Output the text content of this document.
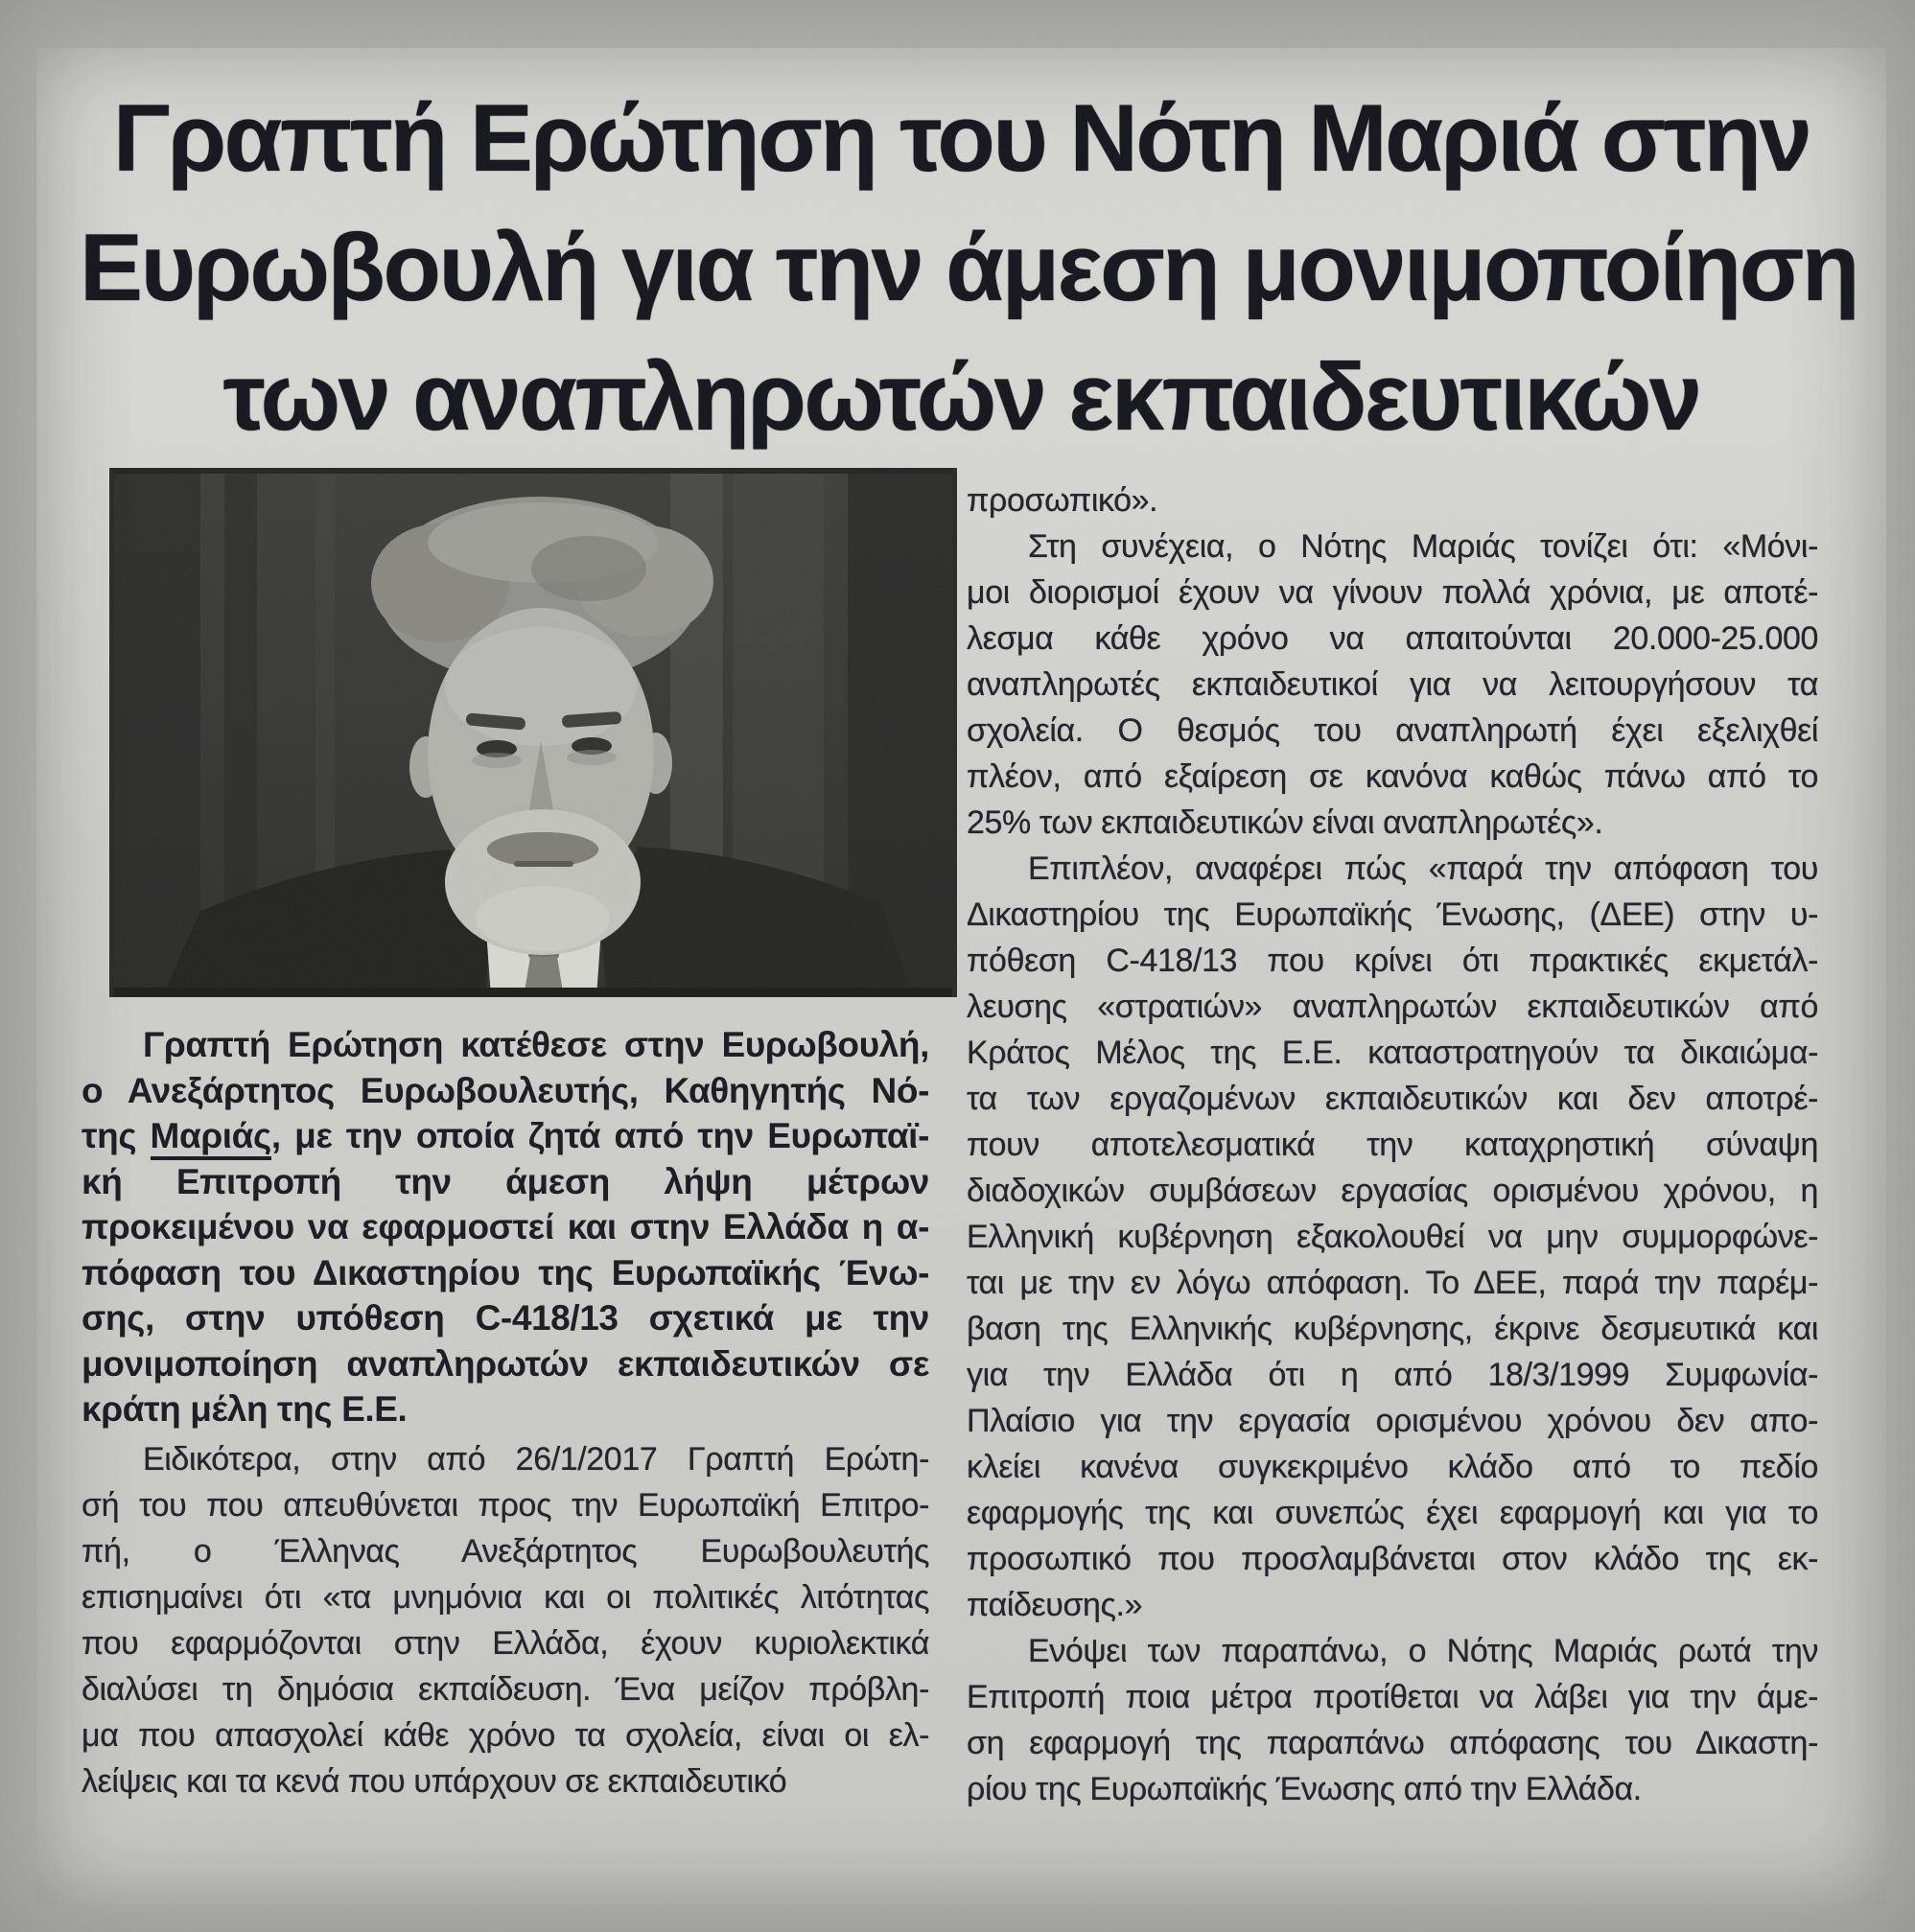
Γραπτή Ερώτηση του Νότη Μαριά στην
Ευρωβουλή για την άμεση μονιμοποίηση
των αναπληρωτών εκπαιδευτικών
Γραπτή Ερώτηση κατέθεσε στην Ευρωβουλή,
ο Ανεξάρτητος Ευρωβουλευτής, Καθηγητής Νό-
της Μαριάς, με την οποία ζητά από την Ευρωπαϊ-
κή Επιτροπή την άμεση λήψη μέτρων
προκειμένου να εφαρμοστεί και στην Ελλάδα η α-
πόφαση του Δικαστηρίου της Ευρωπαϊκής Ένω-
σης, στην υπόθεση C-418/13 σχετικά με την
μονιμοποίηση αναπληρωτών εκπαιδευτικών σε
κράτη μέλη της Ε.Ε.
Ειδικότερα, στην από 26/1/2017 Γραπτή Ερώτη-
σή του που απευθύνεται προς την Ευρωπαϊκή Επιτρο-
πή, ο Έλληνας Ανεξάρτητος Ευρωβουλευτής
επισημαίνει ότι «τα μνημόνια και οι πολιτικές λιτότητας
που εφαρμόζονται στην Ελλάδα, έχουν κυριολεκτικά
διαλύσει τη δημόσια εκπαίδευση. Ένα μείζον πρόβλη-
μα που απασχολεί κάθε χρόνο τα σχολεία, είναι οι ελ-
λείψεις και τα κενά που υπάρχουν σε εκπαιδευτικό
προσωπικό».
Στη συνέχεια, ο Νότης Μαριάς τονίζει ότι: «Μόνι-
μοι διορισμοί έχουν να γίνουν πολλά χρόνια, με αποτέ-
λεσμα κάθε χρόνο να απαιτούνται 20.000-25.000
αναπληρωτές εκπαιδευτικοί για να λειτουργήσουν τα
σχολεία. Ο θεσμός του αναπληρωτή έχει εξελιχθεί
πλέον, από εξαίρεση σε κανόνα καθώς πάνω από το
25% των εκπαιδευτικών είναι αναπληρωτές».
Επιπλέον, αναφέρει πώς «παρά την απόφαση του
Δικαστηρίου της Ευρωπαϊκής Ένωσης, (ΔΕΕ) στην υ-
πόθεση C-418/13 που κρίνει ότι πρακτικές εκμετάλ-
λευσης «στρατιών» αναπληρωτών εκπαιδευτικών από
Κράτος Μέλος της Ε.Ε. καταστρατηγούν τα δικαιώμα-
τα των εργαζομένων εκπαιδευτικών και δεν αποτρέ-
πουν αποτελεσματικά την καταχρηστική σύναψη
διαδοχικών συμβάσεων εργασίας ορισμένου χρόνου, η
Ελληνική κυβέρνηση εξακολουθεί να μην συμμορφώνε-
ται με την εν λόγω απόφαση. Το ΔΕΕ, παρά την παρέμ-
βαση της Ελληνικής κυβέρνησης, έκρινε δεσμευτικά και
για την Ελλάδα ότι η από 18/3/1999 Συμφωνία-
Πλαίσιο για την εργασία ορισμένου χρόνου δεν απο-
κλείει κανένα συγκεκριμένο κλάδο από το πεδίο
εφαρμογής της και συνεπώς έχει εφαρμογή και για το
προσωπικό που προσλαμβάνεται στον κλάδο της εκ-
παίδευσης.»
Ενόψει των παραπάνω, ο Νότης Μαριάς ρωτά την
Επιτροπή ποια μέτρα προτίθεται να λάβει για την άμε-
ση εφαρμογή της παραπάνω απόφασης του Δικαστη-
ρίου της Ευρωπαϊκής Ένωσης από την Ελλάδα.
